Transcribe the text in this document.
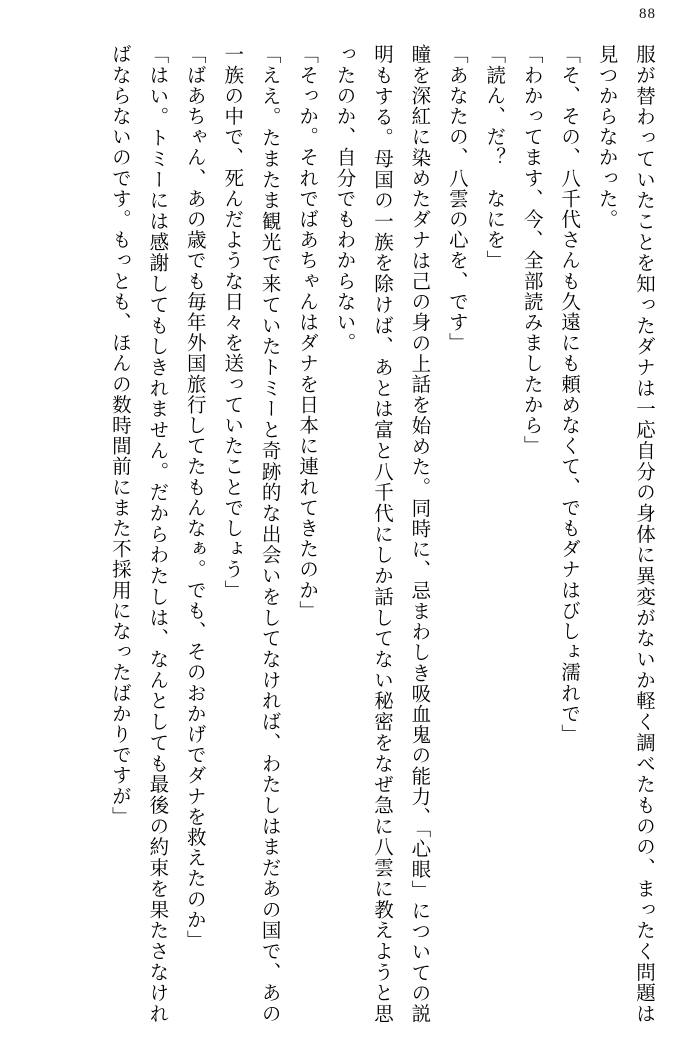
88

服が替わっていたことを知ったダナは一応自分の身体に異変がないか軽く調べたものの、まったく問題は見つからなかった。

「そ、その、八千代さんも久遠にも頼めなくて、でもダナはびしょ濡れで」

「わかってます、今、全部読みましたから」

「読ん、だ？　なにを」

「あなたの、八雲の心を、です」

瞳を深紅に染めたダナは己の身の上話を始めた。同時に、忌まわしき吸血鬼の能力、「心眼」についての説明もする。母国の一族を除けば、あとは富と八千代にしか話してない秘密をなぜ急に八雲に教えようと思ったのか、自分でもわからない。

「そっか。それでばあちゃんはダナを日本に連れてきたのか」

「ええ。たまたま観光で来ていたトミーと奇跡的な出会いをしてなければ、わたしはまだあの国で、あの一族の中で、死んだような日々を送っていたことでしょう」

「ばあちゃん、あの歳でも毎年外国旅行してたもんなぁ。でも、そのおかげでダナを救えたのか」

「はい。トミーには感謝してもしきれません。だからわたしは、なんとしても最後の約束を果たさなければならないのです。もっとも、ほんの数時間前にまた不採用になったばかりですが」
